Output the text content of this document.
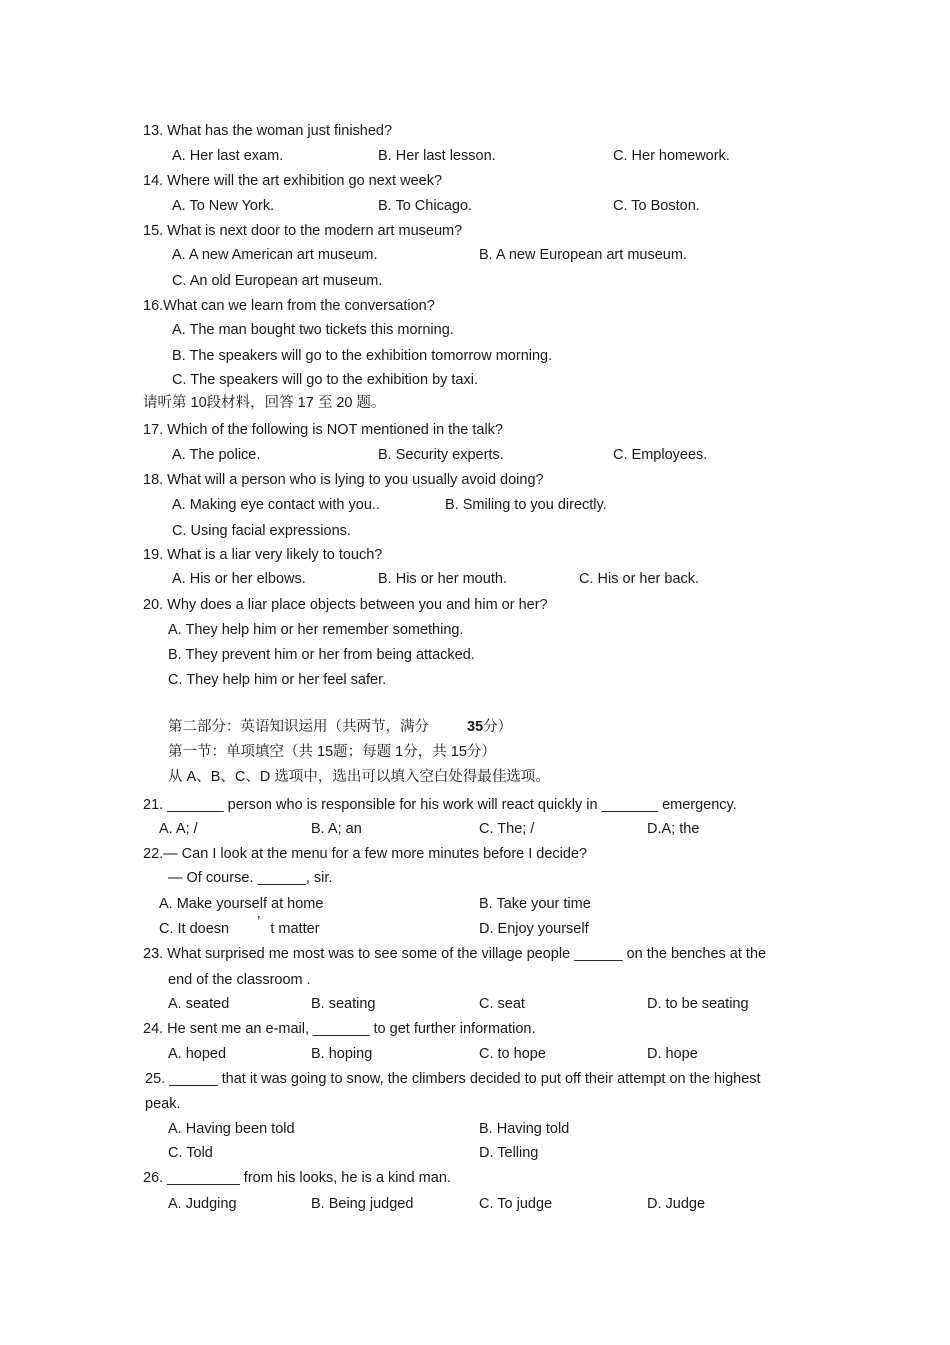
13. What has the woman just finished?
A. Her last exam.	B. Her last lesson.	C. Her homework.
14. Where will the art exhibition go next week?
A. To New York.	B. To Chicago.	C. To Boston.
15. What is next door to the modern art museum?
A. A new American art museum.	B. A new European art museum.
C. An old European art museum.
16.What can we learn from the conversation?
A. The man bought two tickets this morning.
B. The speakers will go to the exhibition tomorrow morning.
C. The speakers will go to the exhibition by taxi.
请听第 10段材料，回答 17 至 20 题。
17. Which of the following is NOT mentioned in the talk?
A. The police.	B. Security experts.	C. Employees.
18. What will a person who is lying to you usually avoid doing?
A. Making eye contact with you..	B. Smiling to you directly.
C. Using facial expressions.
19. What is a liar very likely to touch?
A. His or her elbows.	B. His or her mouth.	C. His or her back.
20. Why does a liar place objects between you and him or her?
A. They help him or her remember something.
B. They prevent him or her from being attacked.
C. They help him or her feel safer.
第二部分：英语知识运用（共两节，满分	35分）
第一节：单项填空（共 15题；每题 1分，共 15分）
从 A、B、C、D 选项中，选出可以填入空白处得最佳选项。
21. _______ person who is responsible for his work will react quickly in _______ emergency.
A. A; /	B. A; an	C. The; /	D.A; the
22.— Can I look at the menu for a few more minutes before I decide?
— Of course. ______, sir.
A. Make yourself at home	B. Take your time
C. It doesn ’ t matter	D. Enjoy yourself
23. What surprised me most was to see some of the village people ______ on the benches at the
end of the classroom .
A. seated	B. seating	C. seat	D. to be seating
24. He sent me an e-mail, _______ to get further information.
A. hoped	B. hoping	C. to hope	D. hope
25. ______ that it was going to snow, the climbers decided to put off their attempt on the highest
peak.
A. Having been told	B. Having told
C. Told	D. Telling
26. _________ from his looks, he is a kind man.
A. Judging	B. Being judged	C. To judge	D. Judge
